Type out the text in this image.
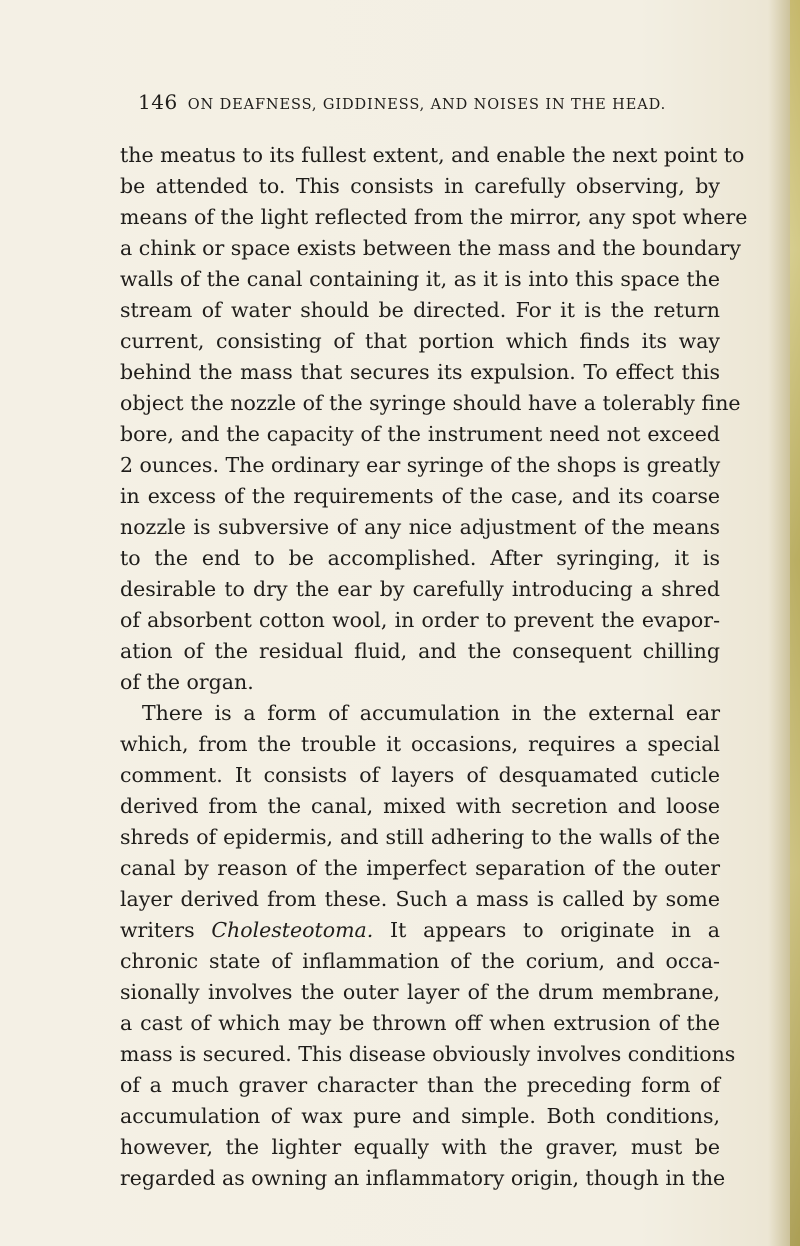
146 ON DEAFNESS, GIDDINESS, AND NOISES IN THE HEAD.
the meatus to its fullest extent, and enable the next point to
be attended to. This consists in carefully observing, by
means of the light reflected from the mirror, any spot where
a chink or space exists between the mass and the boundary
walls of the canal containing it, as it is into this space the
stream of water should be directed. For it is the return
current, consisting of that portion which finds its way
behind the mass that secures its expulsion. To effect this
object the nozzle of the syringe should have a tolerably fine
bore, and the capacity of the instrument need not exceed
2 ounces. The ordinary ear syringe of the shops is greatly
in excess of the requirements of the case, and its coarse
nozzle is subversive of any nice adjustment of the means
to the end to be accomplished. After syringing, it is
desirable to dry the ear by carefully introducing a shred
of absorbent cotton wool, in order to prevent the evapor-
ation of the residual fluid, and the consequent chilling
of the organ.
There is a form of accumulation in the external ear
which, from the trouble it occasions, requires a special
comment. It consists of layers of desquamated cuticle
derived from the canal, mixed with secretion and loose
shreds of epidermis, and still adhering to the walls of the
canal by reason of the imperfect separation of the outer
layer derived from these. Such a mass is called by some
writers Cholesteotoma. It appears to originate in a
chronic state of inflammation of the corium, and occa-
sionally involves the outer layer of the drum membrane,
a cast of which may be thrown off when extrusion of the
mass is secured. This disease obviously involves conditions
of a much graver character than the preceding form of
accumulation of wax pure and simple. Both conditions,
however, the lighter equally with the graver, must be
regarded as owning an inflammatory origin, though in the
